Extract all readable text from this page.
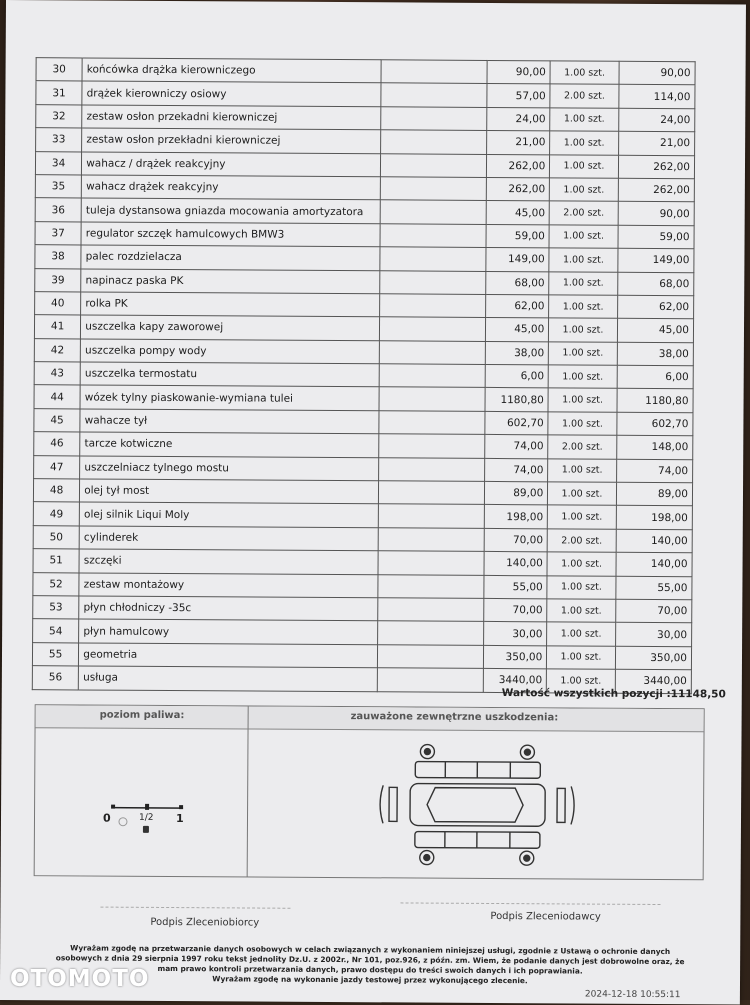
30	końcówka drążka kierowniczego		90,00	1.00 szt.	90,00
31	drążek kierowniczy osiowy		57,00	2.00 szt.	114,00
32	zestaw osłon przekadni kierowniczej		24,00	1.00 szt.	24,00
33	zestaw osłon przekładni kierowniczej		21,00	1.00 szt.	21,00
34	wahacz / drążek reakcyjny		262,00	1.00 szt.	262,00
35	wahacz drążek reakcyjny		262,00	1.00 szt.	262,00
36	tuleja dystansowa gniazda mocowania amortyzatora		45,00	2.00 szt.	90,00
37	regulator szczęk hamulcowych BMW3		59,00	1.00 szt.	59,00
38	palec rozdzielacza		149,00	1.00 szt.	149,00
39	napinacz paska PK		68,00	1.00 szt.	68,00
40	rolka PK		62,00	1.00 szt.	62,00
41	uszczelka kapy zaworowej		45,00	1.00 szt.	45,00
42	uszczelka pompy wody		38,00	1.00 szt.	38,00
43	uszczelka termostatu		6,00	1.00 szt.	6,00
44	wózek tylny piaskowanie-wymiana tulei		1180,80	1.00 szt.	1180,80
45	wahacze tył		602,70	1.00 szt.	602,70
46	tarcze kotwiczne		74,00	2.00 szt.	148,00
47	uszczelniacz tylnego mostu		74,00	1.00 szt.	74,00
48	olej tył most		89,00	1.00 szt.	89,00
49	olej silnik Liqui Moly		198,00	1.00 szt.	198,00
50	cylinderek		70,00	2.00 szt.	140,00
51	szczęki		140,00	1.00 szt.	140,00
52	zestaw montażowy		55,00	1.00 szt.	55,00
53	płyn chłodniczy -35c		70,00	1.00 szt.	70,00
54	płyn hamulcowy		30,00	1.00 szt.	30,00
55	geometria		350,00	1.00 szt.	350,00
56	usługa		3440,00	1.00 szt.	3440,00
Wartość wszystkich pozycji :11148,50
poziom paliwa:	zauważone zewnętrzne uszkodzenia:
0	1/2 1
Podpis Zleceniobiorcy
Podpis Zleceniodawcy
Wyrażam zgodę na przetwarzanie danych osobowych w celach związanych z wykonaniem niniejszej usługi, zgodnie z Ustawą o ochronie danych
osobowych z dnia 29 sierpnia 1997 roku tekst jednolity Dz.U. z 2002r., Nr 101, poz.926, z późn. zm. Wiem, że podanie danych jest dobrowolne oraz, że
mam prawo kontroli przetwarzania danych, prawo dostępu do treści swoich danych i ich poprawiania.
Wyrażam zgodę na wykonanie jazdy testowej przez wykonującego zlecenie.
2024-12-18 10:55:11
OTOMOTO
